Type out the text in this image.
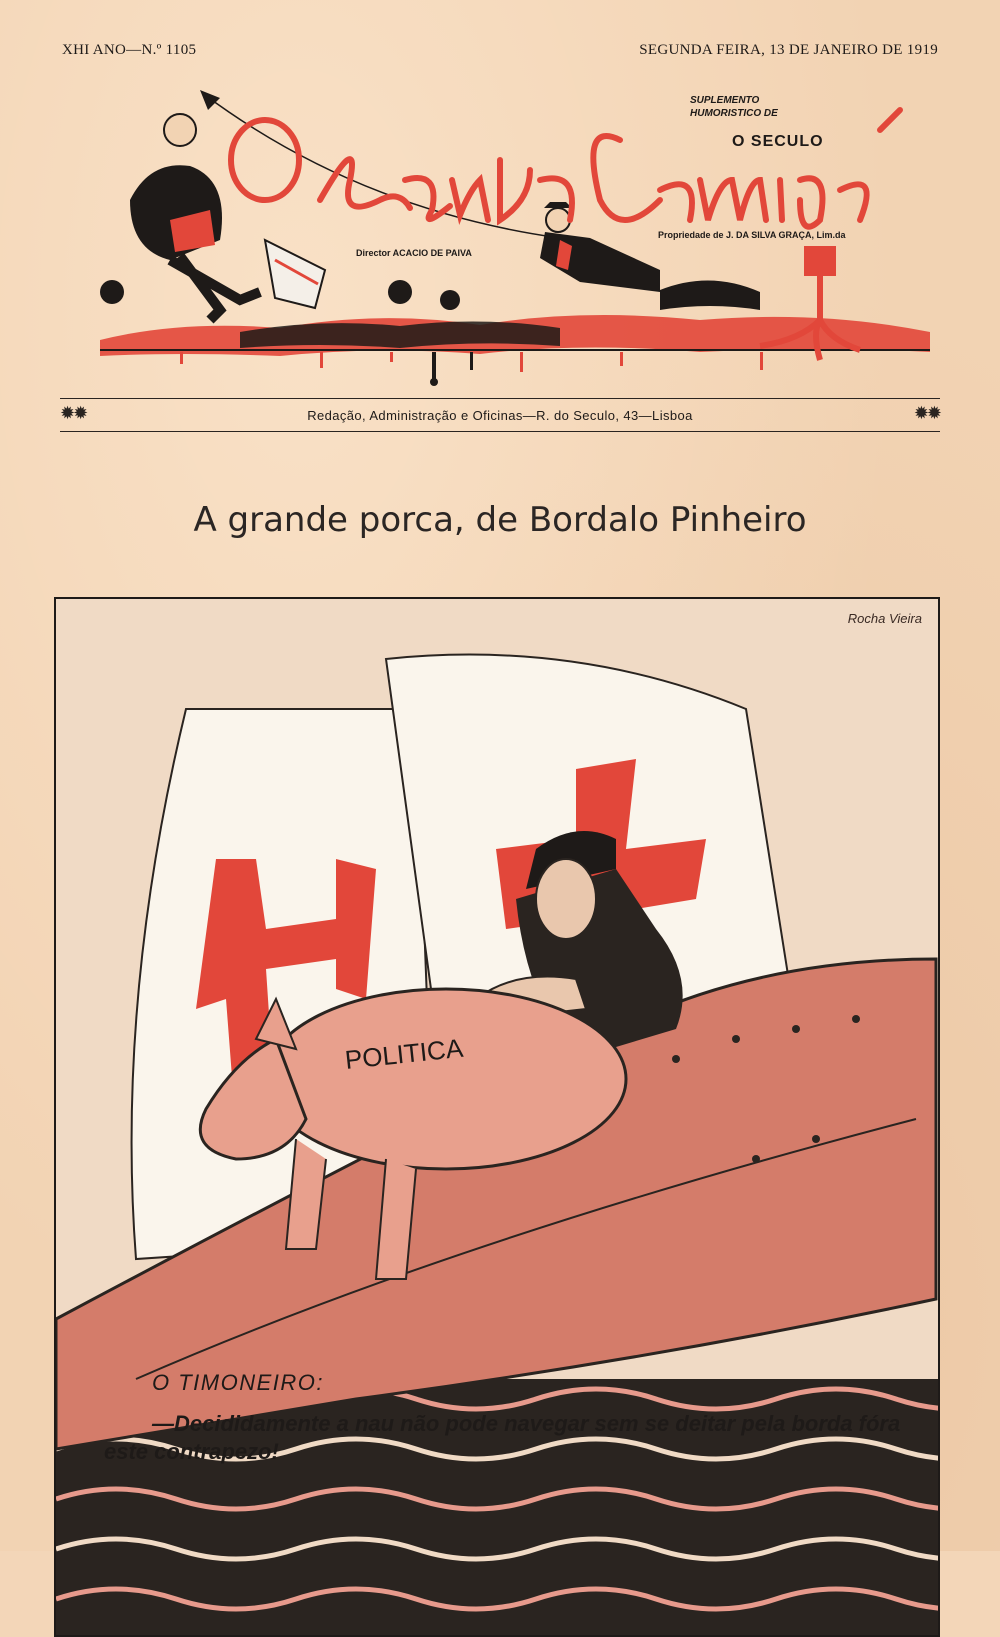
XHI ANO—N.º 1105	SEGUNDA FEIRA, 13 DE JANEIRO DE 1919
SUPLEMENTO
HUMORISTICO DE
O SECULO
Propriedade de J. DA SILVA GRAÇA, Lim.da
Director ACACIO DE PAIVA
✹✹	Redação, Administração e Oficinas—R. do Seculo, 43—Lisboa	✹✹
A grande porca, de Bordalo Pinheiro
POLITICA
Rocha Vieira
O TIMONEIRO:
—Decididamente a nau não pode navegar sem se deitar pela borda fóra este contrapezo!
